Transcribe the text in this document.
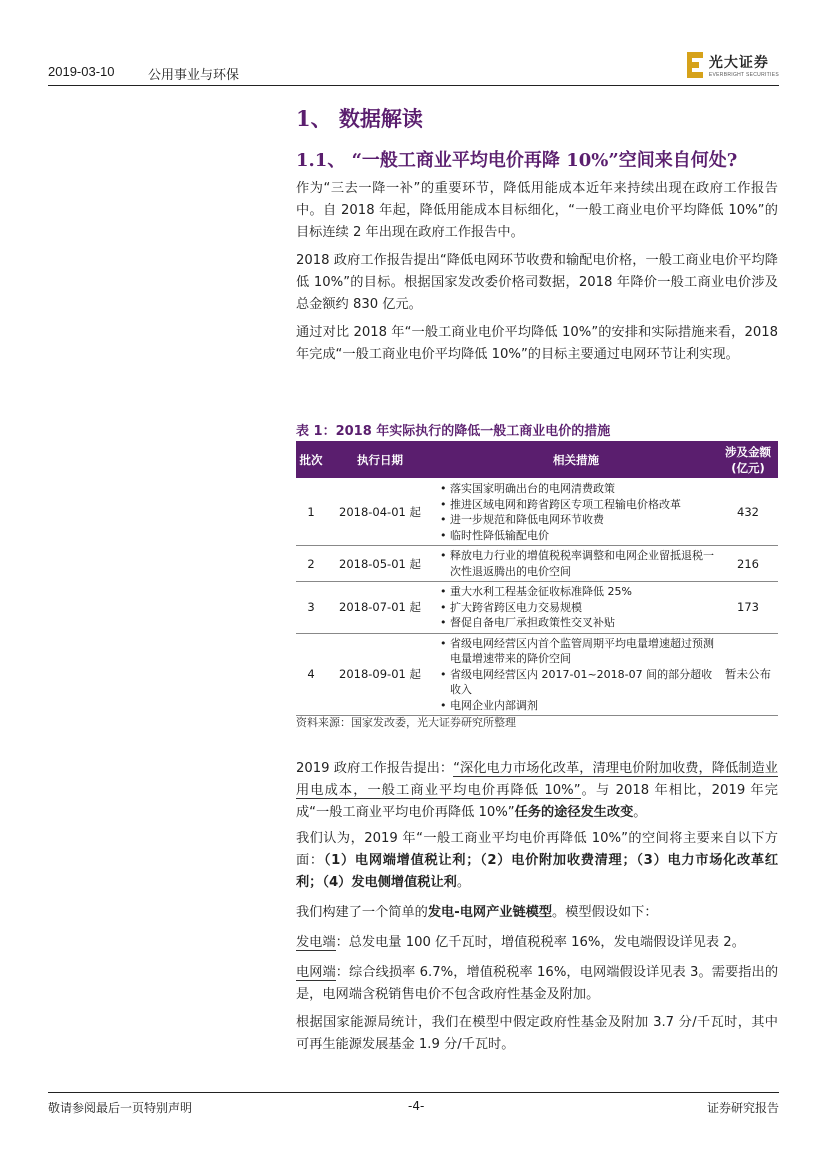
2019-03-10	公用事业与环保
光大证券
EVERBRIGHT SECURITIES
1、 数据解读
1.1、 “一般工商业平均电价再降 10%”空间来自何处?
作为“三去一降一补”的重要环节，降低用能成本近年来持续出现在政府工作报告中。自 2018 年起，降低用能成本目标细化，“一般工商业电价平均降低 10%”的目标连续 2 年出现在政府工作报告中。
2018 政府工作报告提出“降低电网环节收费和输配电价格，一般工商业电价平均降低 10%”的目标。根据国家发改委价格司数据，2018 年降价一般工商业电价涉及总金额约 830 亿元。
通过对比 2018 年“一般工商业电价平均降低 10%”的安排和实际措施来看，2018 年完成“一般工商业电价平均降低 10%”的目标主要通过电网环节让利实现。
表 1：2018 年实际执行的降低一般工商业电价的措施
批次	执行日期	相关措施	涉及金额(亿元)
1	2018-04-01 起	• 落实国家明确出台的电网清费政策
• 推进区域电网和跨省跨区专项工程输电价格改革
• 进一步规范和降低电网环节收费
• 临时性降低输配电价	432
2	2018-05-01 起	• 释放电力行业的增值税税率调整和电网企业留抵退税一次性退返腾出的电价空间	216
3	2018-07-01 起	• 重大水利工程基金征收标准降低 25%
• 扩大跨省跨区电力交易规模
• 督促自备电厂承担政策性交叉补贴	173
4	2018-09-01 起	• 省级电网经营区内首个监管周期平均电量增速超过预测电量增速带来的降价空间
• 省级电网经营区内 2017-01~2018-07 间的部分超收收入
• 电网企业内部调剂	暂未公布
资料来源：国家发改委，光大证券研究所整理
2019 政府工作报告提出：“深化电力市场化改革，清理电价附加收费，降低制造业用电成本，一般工商业平均电价再降低 10%”。与 2018 年相比，2019 年完成“一般工商业平均电价再降低 10%”任务的途径发生改变。
我们认为，2019 年“一般工商业平均电价再降低 10%”的空间将主要来自以下方面：（1）电网端增值税让利；（2）电价附加收费清理；（3）电力市场化改革红利；（4）发电侧增值税让利。
我们构建了一个简单的发电-电网产业链模型。模型假设如下：
发电端：总发电量 100 亿千瓦时，增值税税率 16%，发电端假设详见表 2。
电网端：综合线损率 6.7%，增值税税率 16%，电网端假设详见表 3。需要指出的是，电网端含税销售电价不包含政府性基金及附加。
根据国家能源局统计，我们在模型中假定政府性基金及附加 3.7 分/千瓦时，其中可再生能源发展基金 1.9 分/千瓦时。
敬请参阅最后一页特别声明	-4-	证券研究报告
